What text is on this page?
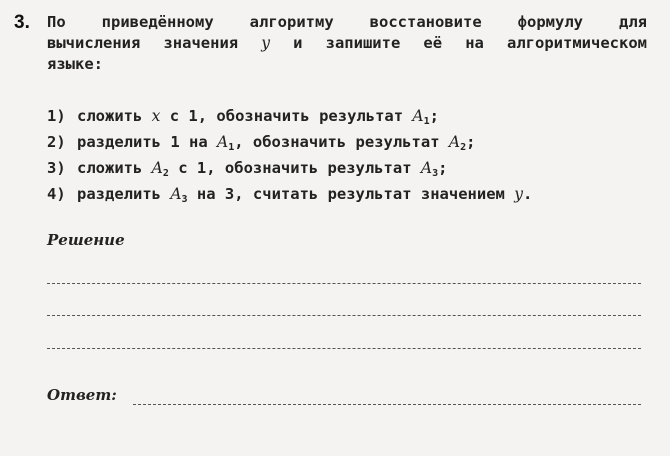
3. По приведённому алгоритму восстановите формулу для
вычисления значения y и запишите её на алгоритмическом
языке:

1) сложить x с 1, обозначить результат $A_1$;
2) разделить 1 на $A_1$, обозначить результат $A_2$;
3) сложить $A_2$ с 1, обозначить результат $A_3$;
4) разделить $A_3$ на 3, считать результат значением y.
Решение
Ответ:
